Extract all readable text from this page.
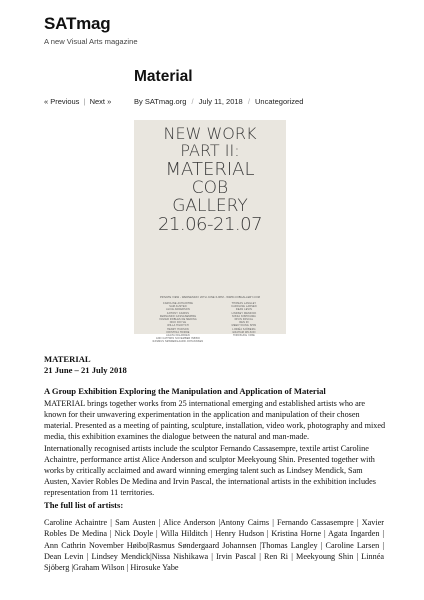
SATmag
A new Visual Arts magazine
Material
« Previous | Next »	By SATmag.org / July 11, 2018 / Uncategorized
NEW WORK
PART II:
MATERIAL
COB
GALLERY
21.06-21.07
PRIVATE VIEW - WEDNESDAY 20TH JUNE 6-9PM - WWW.COBGALLERY.COM
CAROLINE ACHAINTRE
SAM AUSTEN
ALICE ANDERSON
ANTONY CAIRNS
FERNANDO CASSASEMPRE
XAVIER ROBLES DE MEDINA
NICK DOYLE
WILLA HILDITCH
HENRY HUDSON
KRISTINA HORNE
AGATA INGARDEN
ANN CATHRIN NOVEMBER HØIBO
RASMUS SØNDERGAARD JOHANNSEN
THOMAS LANGLEY
CAROLINE LARSEN
DEAN LEVIN
LINDSEY MENDICK
NISSA NISHIKAWA
IRVIN PASCAL
REN RI
MEEKYOUNG SHIN
LINNÉA SJÖBERG
GRAHAM WILSON
HIROSUKE YABE
MATERIAL
21 June – 21 July 2018
A Group Exhibition Exploring the Manipulation and Application of Material

MATERIAL brings together works from 25 international emerging and established artists who are known for their unwavering experimentation in the application and manipulation of their chosen material. Presented as a meeting of painting, sculpture, installation, video work, photography and mixed media, this exhibition examines the dialogue between the natural and man-made.

Internationally recognised artists include the sculptor Fernando Cassasempre, textile artist Caroline Achaintre, performance artist Alice Anderson and sculptor Meekyoung Shin. Presented together with works by critically acclaimed and award winning emerging talent such as Lindsey Mendick, Sam Austen, Xavier Robles De Medina and Irvin Pascal, the international artists in the exhibition includes representation from 11 territories.

The full list of artists:

Caroline Achaintre | Sam Austen | Alice Anderson |Antony Cairns | Fernando Cassasempre | Xavier Robles De Medina | Nick Doyle | Willa Hilditch | Henry Hudson | Kristina Horne | Agata Ingarden | Ann Cathrin November Høibo|Rasmus Søndergaard Johannsen |Thomas Langley | Caroline Larsen | Dean Levin | Lindsey Mendick|Nissa Nishikawa | Irvin Pascal | Ren Ri | Meekyoung Shin | Linnéa Sjöberg |Graham Wilson | Hirosuke Yabe
